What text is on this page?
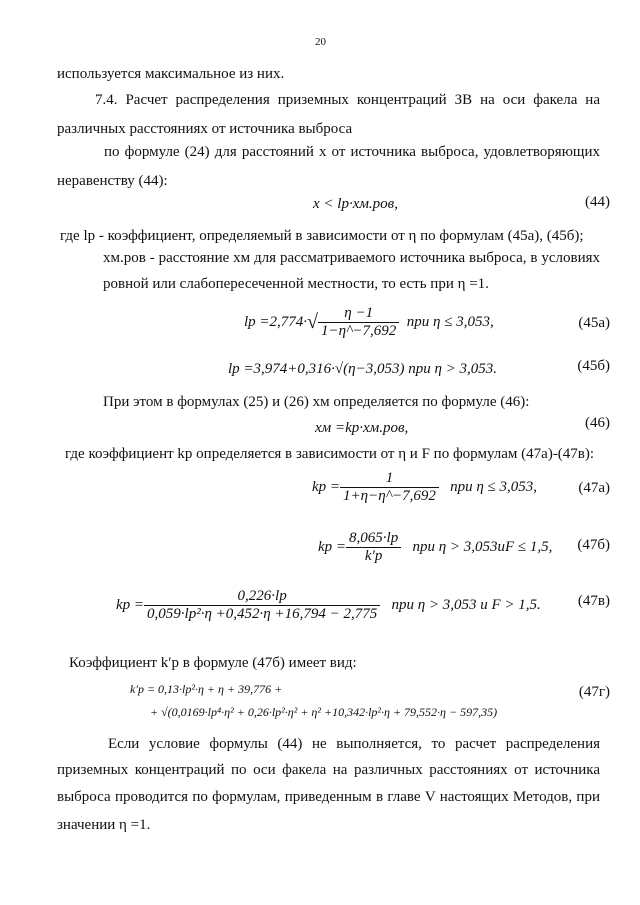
20
используется максимальное из них.
7.4. Расчет распределения приземных концентраций ЗВ на оси факела на
различных расстояниях от источника выброса
по формуле (24) для расстояний x от источника выброса, удовлетворяющих
неравенству (44):
x < lр·xм.ров,	(44)
где lр - коэффициент, определяемый в зависимости от η по формулам (45а), (45б);
xм.ров - расстояние xм для рассматриваемого источника выброса, в условиях
ровной или слабопересеченной местности, то есть при η =1.
lр $=2,774\cdot√ \frac{\eta -1}{1-\eta\^{}-7,692}$ при η ≤ 3,053,	(45а)
lр =3,974+0,316·√(η−3,053) при η > 3,053.	(45б)
При этом в формулах (25) и (26) xм определяется по формуле (46):
xм =kр·xм.ров,	(46)
где коэффициент kр определяется в зависимости от η и F по формулам (47а)-(47в):
kр = $\frac{1}{1+\eta-\eta\^{}-7,692}$ при η ≤ 3,053,	(47а)
kр = $\frac{8,065\cdot lр}{k'р}$ при η > 3,053иF ≤ 1,5, (47б)
kр = $\frac{0,226\cdot lр}{\text{0,059·lр²·η +0,452·η +16,794 − 2,775}}$ при η > 3,053 и F > 1,5. (47в)
Коэффициент k′р в формуле (47б) имеет вид:
k′р = 0,13·lр²·η + η + 39,776 +
+ √(0,0169·lр⁴·η² + 0,26·lр²·η² + η² +10,342·lр²·η + 79,552·η − 597,35)
(47г)
Если условие формулы (44) не выполняется, то расчет распределения
приземных концентраций по оси факела на различных расстояниях от источника
выброса проводится по формулам, приведенным в главе V настоящих Методов, при
значении η =1.
